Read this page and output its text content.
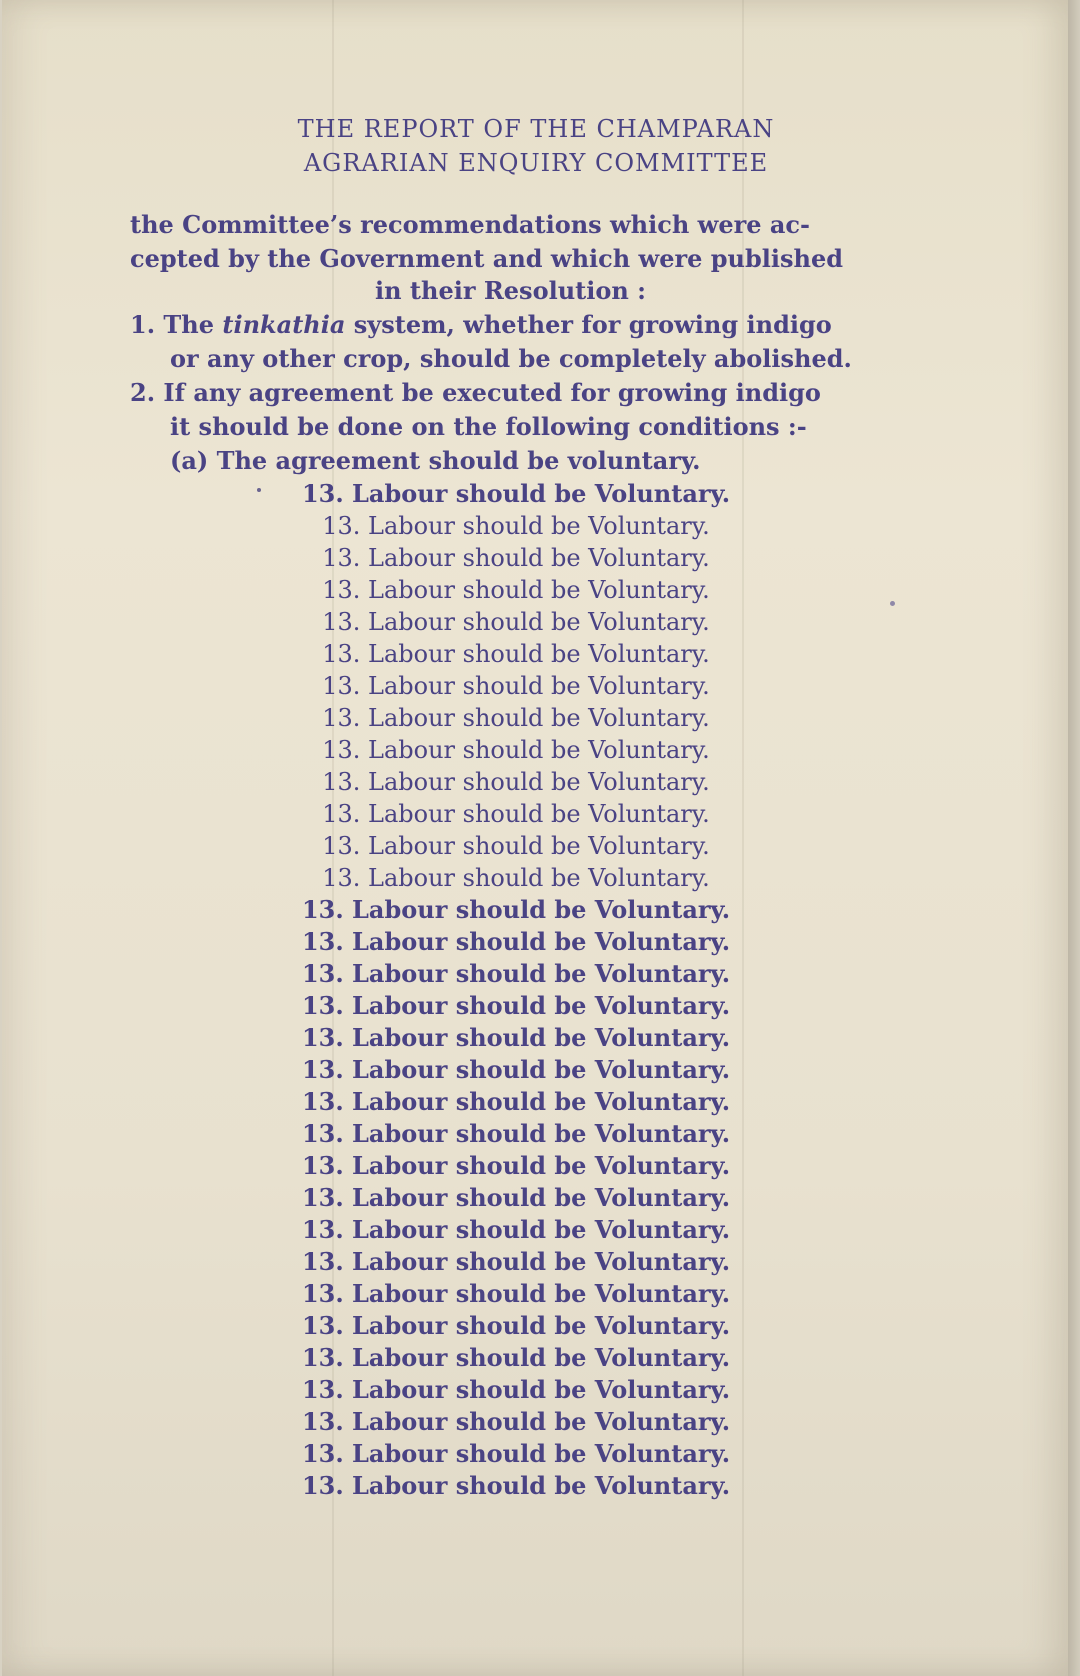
THE REPORT OF THE CHAMPARAN
AGRARIAN ENQUIRY COMMITTEE
the Committee’s recommendations which were ac-
cepted by the Government and which were published
in their Resolution :
1. The tinkathia system, whether for growing indigo
or any other crop, should be completely abolished.
2. If any agreement be executed for growing indigo
it should be done on the following conditions :-
(a) The agreement should be voluntary.
13. Labour should be Voluntary.
13. Labour should be Voluntary.
13. Labour should be Voluntary.
13. Labour should be Voluntary.
13. Labour should be Voluntary.
13. Labour should be Voluntary.
13. Labour should be Voluntary.
13. Labour should be Voluntary.
13. Labour should be Voluntary.
13. Labour should be Voluntary.
13. Labour should be Voluntary.
13. Labour should be Voluntary.
13. Labour should be Voluntary.
13. Labour should be Voluntary.
13. Labour should be Voluntary.
13. Labour should be Voluntary.
13. Labour should be Voluntary.
13. Labour should be Voluntary.
13. Labour should be Voluntary.
13. Labour should be Voluntary.
13. Labour should be Voluntary.
13. Labour should be Voluntary.
13. Labour should be Voluntary.
13. Labour should be Voluntary.
13. Labour should be Voluntary.
13. Labour should be Voluntary.
13. Labour should be Voluntary.
13. Labour should be Voluntary.
13. Labour should be Voluntary.
13. Labour should be Voluntary.
13. Labour should be Voluntary.
13. Labour should be Voluntary.
